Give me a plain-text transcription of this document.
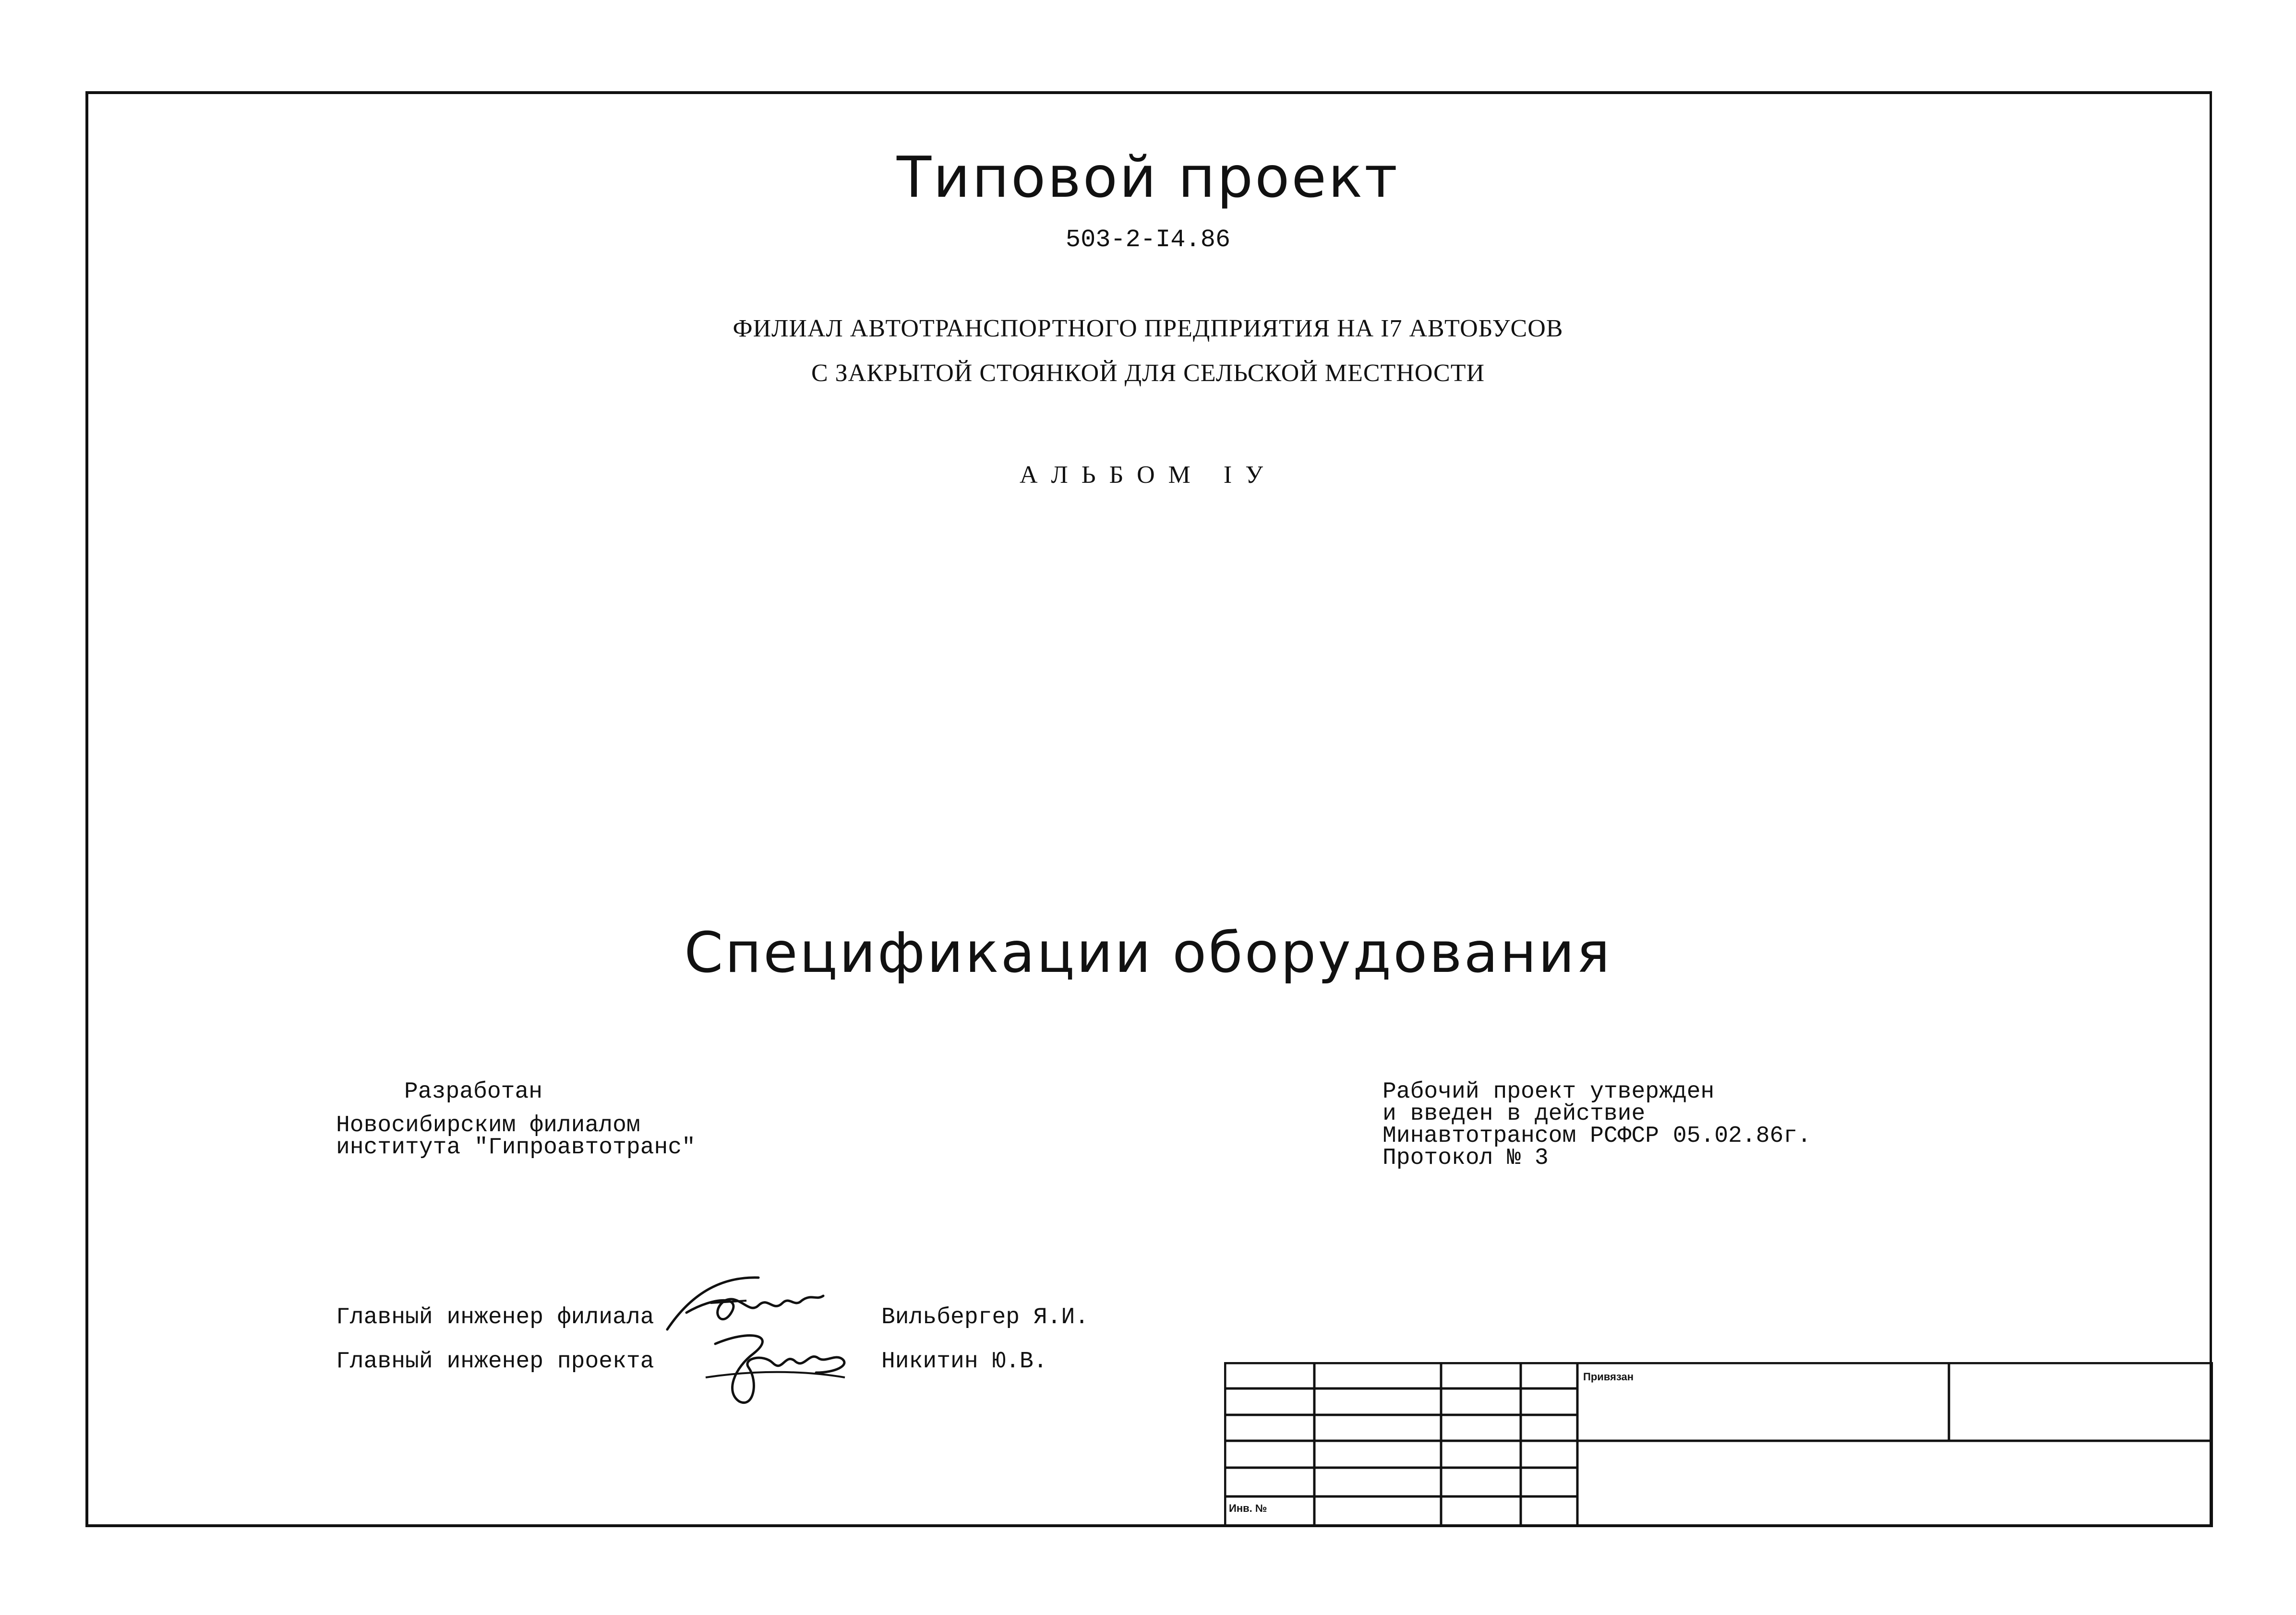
Типовой проект
503-2-I4.86
ФИЛИАЛ АВТОТРАНСПОРТНОГО ПРЕДПРИЯТИЯ НА I7 АВТОБУСОВ
С ЗАКРЫТОЙ СТОЯНКОЙ ДЛЯ СЕЛЬСКОЙ МЕСТНОСТИ
АЛЬБОМ IУ
Спецификации оборудования
Разработан
Новосибирским филиалом
института "Гипроавтотранс"
Рабочий проект утвержден
и введен в действие
Минавтотрансом РСФСР 05.02.86г.
Протокол № 3
Главный инженер филиала	Вильбергер Я.И.
Главный инженер проекта	Никитин Ю.В.
Привязан
Инв. №
